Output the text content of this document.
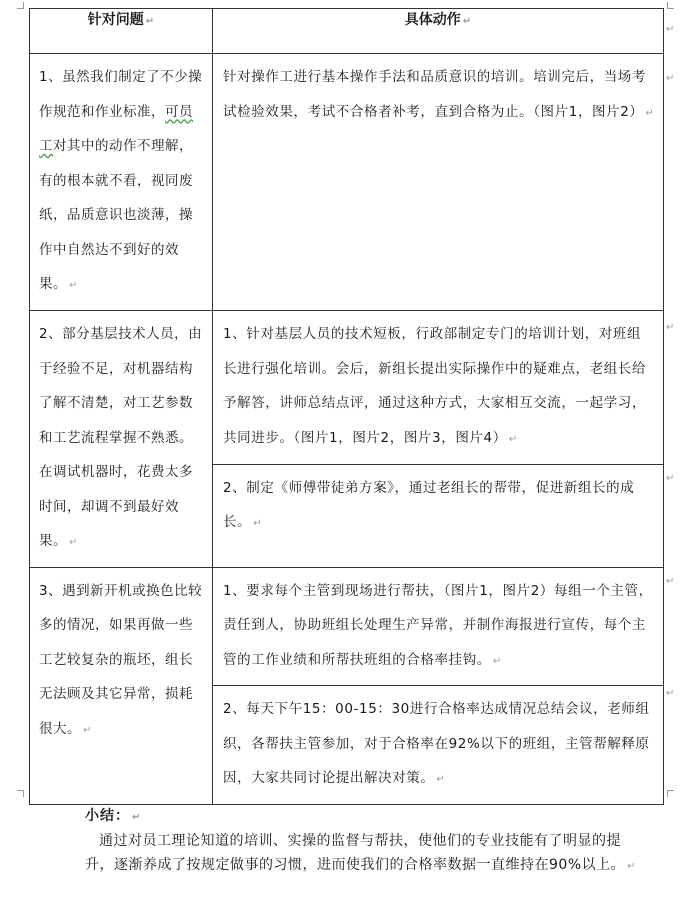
↵
↵
↵
↵
↵
↵
针对问题 ↵	具体动作 ↵
1、虽然我们制定了不少操作规范和作业标准，可员工对其中的动作不理解，有的根本就不看，视同废纸，品质意识也淡薄，操作中自然达不到好的效果。 ↵	针对操作工进行基本操作手法和品质意识的培训。培训完后，当场考试检验效果，考试不合格者补考，直到合格为止。（图片1，图片2） ↵
2、部分基层技术人员，由于经验不足，对机器结构了解不清楚，对工艺参数和工艺流程掌握不熟悉。在调试机器时，花费太多时间，却调不到最好效果。 ↵	1、针对基层人员的技术短板，行政部制定专门的培训计划，对班组长进行强化培训。会后，新组长提出实际操作中的疑难点，老组长给予解答，讲师总结点评，通过这种方式，大家相互交流，一起学习，共同进步。（图片1，图片2，图片3，图片4） ↵
	2、制定《师傅带徒弟方案》，通过老组长的帮带，促进新组长的成长。 ↵
3、遇到新开机或换色比较多的情况，如果再做一些工艺较复杂的瓶坯，组长无法顾及其它异常，损耗很大。 ↵	1、要求每个主管到现场进行帮扶，（图片1，图片2）每组一个主管，责任到人，协助班组长处理生产异常，并制作海报进行宣传，每个主管的工作业绩和所帮扶班组的合格率挂钩。 ↵
	2、每天下午15：00-15：30进行合格率达成情况总结会议，老师组织，各帮扶主管参加，对于合格率在92%以下的班组，主管帮解释原因，大家共同讨论提出解决对策。 ↵
小结： ↵
通过对员工理论知道的培训、实操的监督与帮扶，使他们的专业技能有了明显的提升，逐渐养成了按规定做事的习惯，进而使我们的合格率数据一直维持在90%以上。 ↵
